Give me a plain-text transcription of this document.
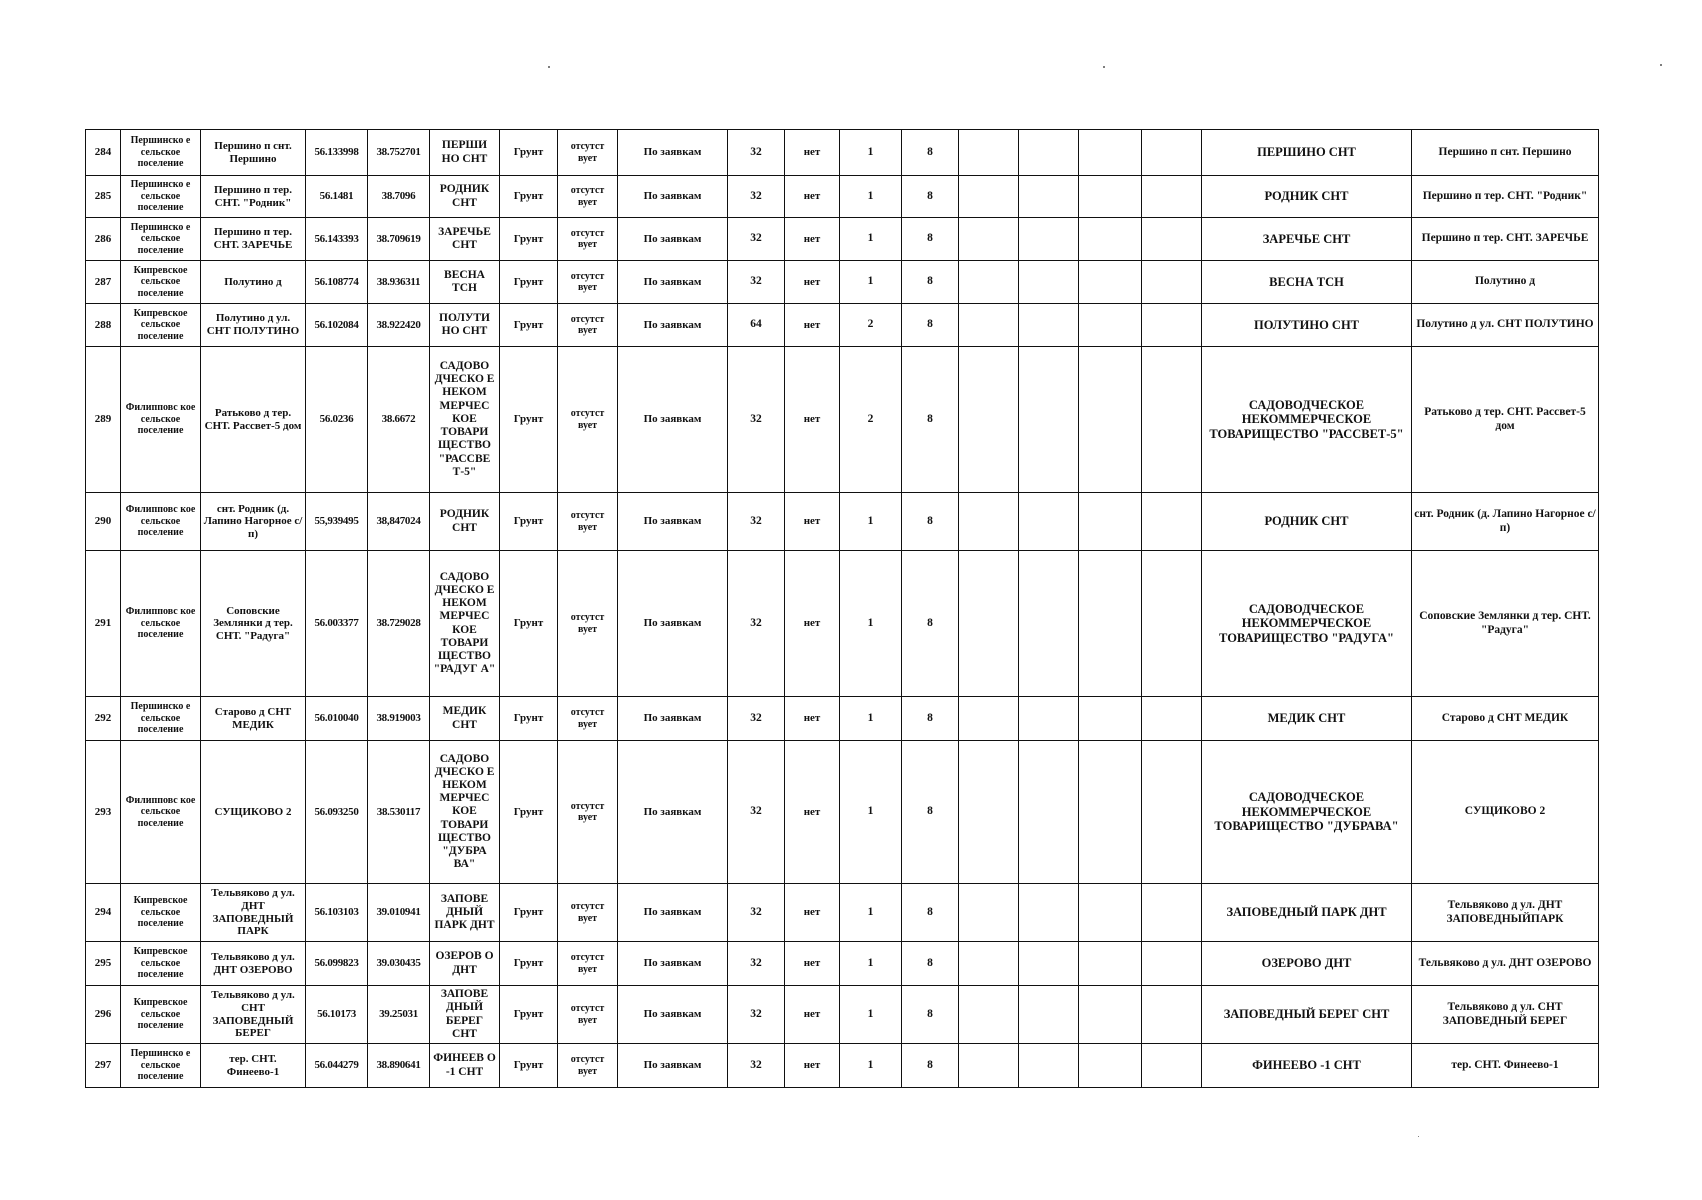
284	Першинско е сельское поселение	Першино п снт. Першино	56.133998	38.752701	ПЕРШИ НО СНТ	Грунт	отсутст вует	По заявкам	32	нет	1	8					ПЕРШИНО СНТ	Першино п снт. Першино
285	Першинско е сельское поселение	Першино п тер. СНТ. "Родник"	56.1481	38.7096	РОДНИК СНТ	Грунт	отсутст вует	По заявкам	32	нет	1	8					РОДНИК СНТ	Першино п тер. СНТ. "Родник"
286	Першинско е сельское поселение	Першино п тер. СНТ. ЗАРЕЧЬЕ	56.143393	38.709619	ЗАРЕЧЬЕ СНТ	Грунт	отсутст вует	По заявкам	32	нет	1	8					ЗАРЕЧЬЕ СНТ	Першино п тер. СНТ. ЗАРЕЧЬЕ
287	Кипревское сельское поселение	Полутино д	56.108774	38.936311	ВЕСНА ТСН	Грунт	отсутст вует	По заявкам	32	нет	1	8					ВЕСНА ТСН	Полутино д
288	Кипревское сельское поселение	Полутино д ул. СНТ ПОЛУТИНО	56.102084	38.922420	ПОЛУТИ НО СНТ	Грунт	отсутст вует	По заявкам	64	нет	2	8					ПОЛУТИНО СНТ	Полутино д ул. СНТ ПОЛУТИНО
289	Филипповс кое сельское поселение	Ратьково д тер. СНТ. Рассвет-5 дом	56.0236	38.6672	САДОВО ДЧЕСКО Е НЕКОМ МЕРЧЕС КОЕ ТОВАРИ ЩЕСТВО "РАССВЕ Т-5"	Грунт	отсутст вует	По заявкам	32	нет	2	8					САДОВОДЧЕСКОЕ НЕКОММЕРЧЕСКОЕ ТОВАРИЩЕСТВО "РАССВЕТ-5"	Ратьково д тер. СНТ. Рассвет-5 дом
290	Филипповс кое сельское поселение	снт. Родник (д. Лапино Нагорное с/п)	55,939495	38,847024	РОДНИК СНТ	Грунт	отсутст вует	По заявкам	32	нет	1	8					РОДНИК СНТ	снт. Родник (д. Лапино Нагорное с/п)
291	Филипповс кое сельское поселение	Соповские Землянки д тер. СНТ. "Радуга"	56.003377	38.729028	САДОВО ДЧЕСКО Е НЕКОМ МЕРЧЕС КОЕ ТОВАРИ ЩЕСТВО "РАДУГ А"	Грунт	отсутст вует	По заявкам	32	нет	1	8					САДОВОДЧЕСКОЕ НЕКОММЕРЧЕСКОЕ ТОВАРИЩЕСТВО "РАДУГА"	Соповские Землянки д тер. СНТ. "Радуга"
292	Першинско е сельское поселение	Старово д СНТ МЕДИК	56.010040	38.919003	МЕДИК СНТ	Грунт	отсутст вует	По заявкам	32	нет	1	8					МЕДИК СНТ	Старово д СНТ МЕДИК
293	Филипповс кое сельское поселение	СУЩИКОВО 2	56.093250	38.530117	САДОВО ДЧЕСКО Е НЕКОМ МЕРЧЕС КОЕ ТОВАРИ ЩЕСТВО "ДУБРА ВА"	Грунт	отсутст вует	По заявкам	32	нет	1	8					САДОВОДЧЕСКОЕ НЕКОММЕРЧЕСКОЕ ТОВАРИЩЕСТВО "ДУБРАВА"	СУЩИКОВО 2
294	Кипревское сельское поселение	Тельвяково д ул. ДНТ ЗАПОВЕДНЫЙ ПАРК	56.103103	39.010941	ЗАПОВЕ ДНЫЙ ПАРК ДНТ	Грунт	отсутст вует	По заявкам	32	нет	1	8					ЗАПОВЕДНЫЙ ПАРК ДНТ	Тельвяково д ул. ДНТ ЗАПОВЕДНЫЙПАРК
295	Кипревское сельское поселение	Тельвяково д ул. ДНТ ОЗЕРОВО	56.099823	39.030435	ОЗЕРОВ О ДНТ	Грунт	отсутст вует	По заявкам	32	нет	1	8					ОЗЕРОВО ДНТ	Тельвяково д ул. ДНТ ОЗЕРОВО
296	Кипревское сельское поселение	Тельвяково д ул. СНТ ЗАПОВЕДНЫЙ БЕРЕГ	56.10173	39.25031	ЗАПОВЕ ДНЫЙ БЕРЕГ СНТ	Грунт	отсутст вует	По заявкам	32	нет	1	8					ЗАПОВЕДНЫЙ БЕРЕГ СНТ	Тельвяково д ул. СНТ ЗАПОВЕДНЫЙ БЕРЕГ
297	Першинско е сельское поселение	тер. СНТ. Финеево-1	56.044279	38.890641	ФИНЕЕВ О -1 СНТ	Грунт	отсутст вует	По заявкам	32	нет	1	8					ФИНЕЕВО -1 СНТ	тер. СНТ. Финеево-1
